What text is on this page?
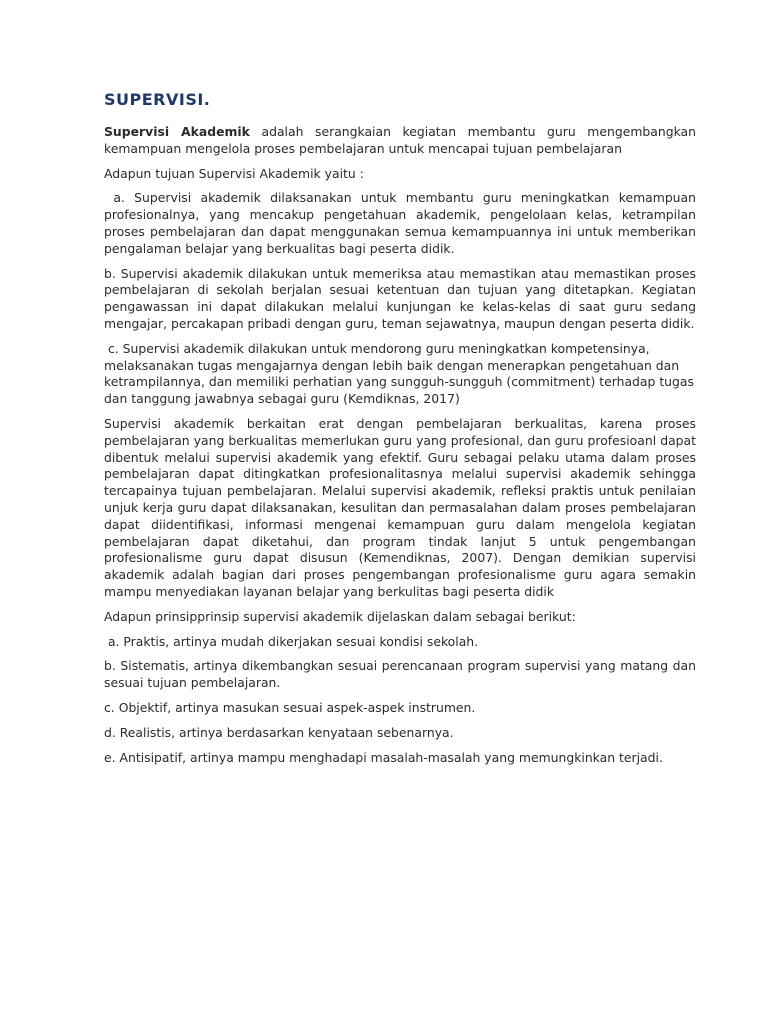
SUPERVISI.

Supervisi Akademik adalah serangkaian kegiatan membantu guru mengembangkan kemampuan mengelola proses pembelajaran untuk mencapai tujuan pembelajaran

Adapun tujuan Supervisi Akademik yaitu :

a. Supervisi akademik dilaksanakan untuk membantu guru meningkatkan kemampuan profesionalnya, yang mencakup pengetahuan akademik, pengelolaan kelas, ketrampilan proses pembelajaran dan dapat menggunakan semua kemampuannya ini untuk memberikan pengalaman belajar yang berkualitas bagi peserta didik.

b. Supervisi akademik dilakukan untuk memeriksa atau memastikan atau memastikan proses pembelajaran di sekolah berjalan sesuai ketentuan dan tujuan yang ditetapkan. Kegiatan pengawassan ini dapat dilakukan melalui kunjungan ke kelas-kelas di saat guru sedang mengajar, percakapan pribadi dengan guru, teman sejawatnya, maupun dengan peserta didik.

c. Supervisi akademik dilakukan untuk mendorong guru meningkatkan kompetensinya, melaksanakan tugas mengajarnya dengan lebih baik dengan menerapkan pengetahuan dan ketrampilannya, dan memiliki perhatian yang sungguh-sungguh (commitment) terhadap tugas dan tanggung jawabnya sebagai guru (Kemdiknas, 2017)

Supervisi akademik berkaitan erat dengan pembelajaran berkualitas, karena proses pembelajaran yang berkualitas memerlukan guru yang profesional, dan guru profesioanl dapat dibentuk melalui supervisi akademik yang efektif. Guru sebagai pelaku utama dalam proses pembelajaran dapat ditingkatkan profesionalitasnya melalui supervisi akademik sehingga tercapainya tujuan pembelajaran. Melalui supervisi akademik, refleksi praktis untuk penilaian unjuk kerja guru dapat dilaksanakan, kesulitan dan permasalahan dalam proses pembelajaran dapat diidentifikasi, informasi mengenai kemampuan guru dalam mengelola kegiatan pembelajaran dapat diketahui, dan program tindak lanjut 5 untuk pengembangan profesionalisme guru dapat disusun (Kemendiknas, 2007). Dengan demikian supervisi akademik adalah bagian dari proses pengembangan profesionalisme guru agara semakin mampu menyediakan layanan belajar yang berkulitas bagi peserta didik

Adapun prinsipprinsip supervisi akademik dijelaskan dalam sebagai berikut:

a. Praktis, artinya mudah dikerjakan sesuai kondisi sekolah.

b. Sistematis, artinya dikembangkan sesuai perencanaan program supervisi yang matang dan sesuai tujuan pembelajaran.

c. Objektif, artinya masukan sesuai aspek-aspek instrumen.

d. Realistis, artinya berdasarkan kenyataan sebenarnya.

e. Antisipatif, artinya mampu menghadapi masalah-masalah yang memungkinkan terjadi.
